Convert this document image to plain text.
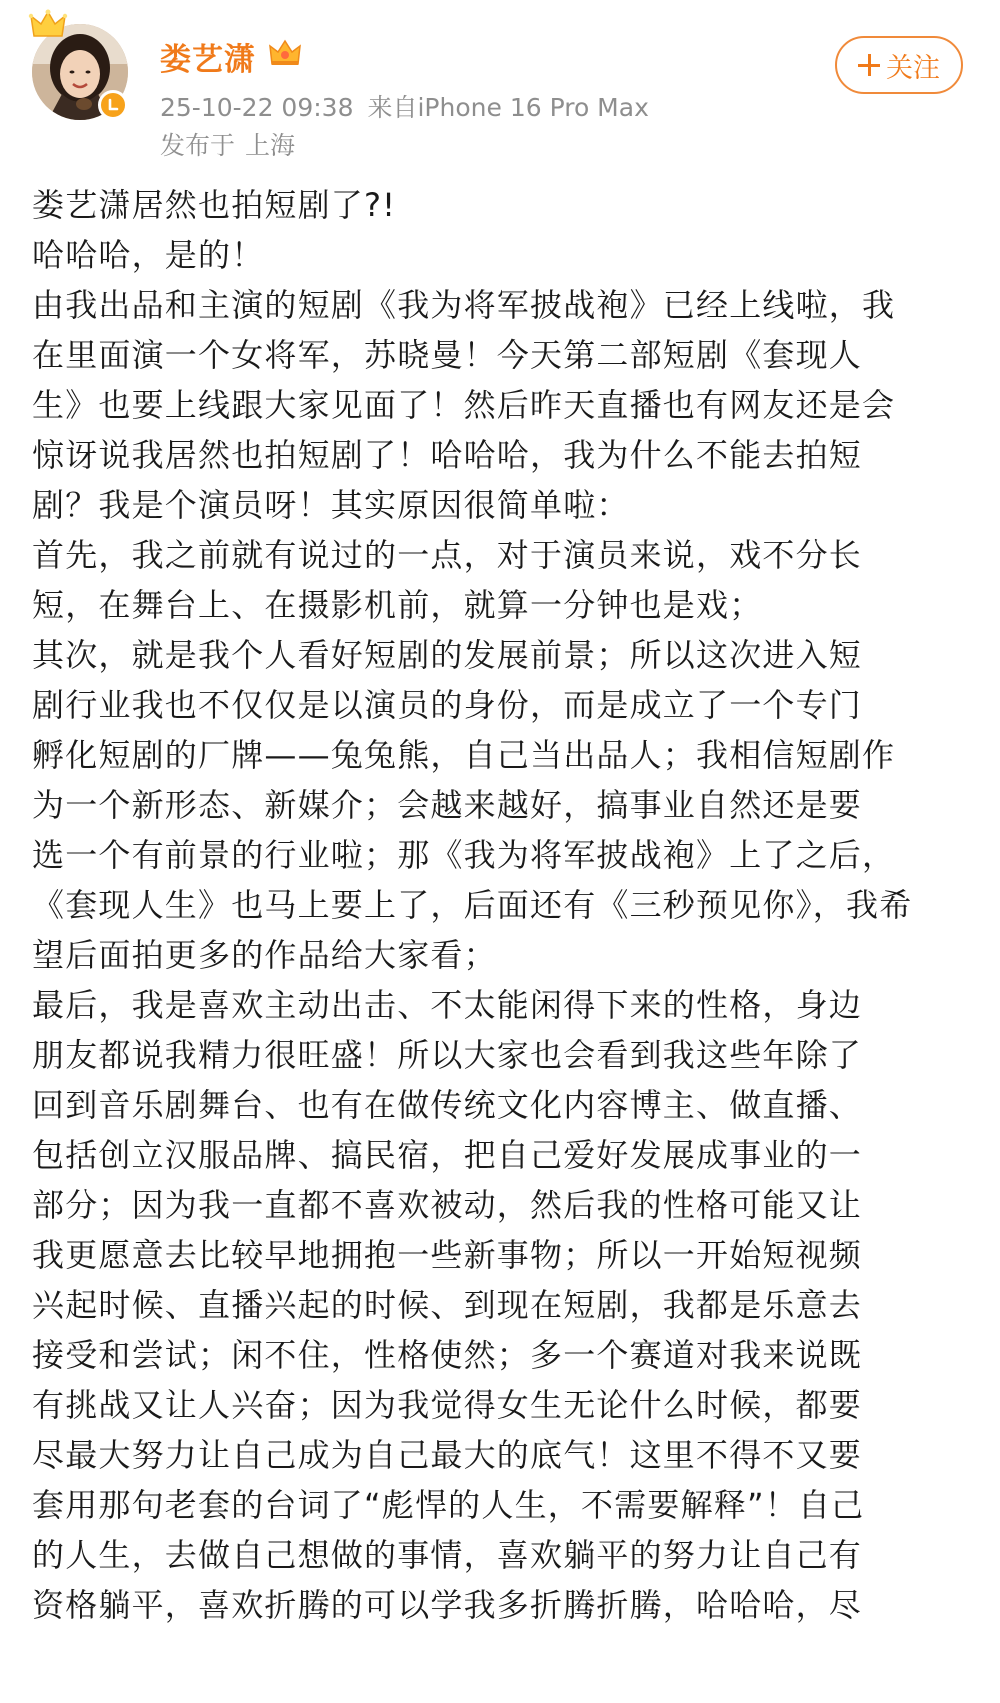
娄艺潇
25-10-22 09:38 来自iPhone 16 Pro Max
发布于 上海
关注
娄艺潇居然也拍短剧了?!
哈哈哈，是的！
由我出品和主演的短剧《我为将军披战袍》已经上线啦，我
在里面演一个女将军，苏晓曼！今天第二部短剧《套现人
生》也要上线跟大家见面了！然后昨天直播也有网友还是会
惊讶说我居然也拍短剧了！哈哈哈，我为什么不能去拍短
剧？我是个演员呀！其实原因很简单啦：
首先，我之前就有说过的一点，对于演员来说，戏不分长
短，在舞台上、在摄影机前，就算一分钟也是戏；
其次，就是我个人看好短剧的发展前景；所以这次进入短
剧行业我也不仅仅是以演员的身份，而是成立了一个专门
孵化短剧的厂牌——兔兔熊，自己当出品人；我相信短剧作
为一个新形态、新媒介；会越来越好，搞事业自然还是要
选一个有前景的行业啦；那《我为将军披战袍》上了之后，
《套现人生》也马上要上了，后面还有《三秒预见你》，我希
望后面拍更多的作品给大家看；
最后，我是喜欢主动出击、不太能闲得下来的性格，身边
朋友都说我精力很旺盛！所以大家也会看到我这些年除了
回到音乐剧舞台、也有在做传统文化内容博主、做直播、
包括创立汉服品牌、搞民宿，把自己爱好发展成事业的一
部分；因为我一直都不喜欢被动，然后我的性格可能又让
我更愿意去比较早地拥抱一些新事物；所以一开始短视频
兴起时候、直播兴起的时候、到现在短剧，我都是乐意去
接受和尝试；闲不住，性格使然；多一个赛道对我来说既
有挑战又让人兴奋；因为我觉得女生无论什么时候，都要
尽最大努力让自己成为自己最大的底气！这里不得不又要
套用那句老套的台词了“彪悍的人生，不需要解释”！自己
的人生，去做自己想做的事情，喜欢躺平的努力让自己有
资格躺平，喜欢折腾的可以学我多折腾折腾，哈哈哈，尽
